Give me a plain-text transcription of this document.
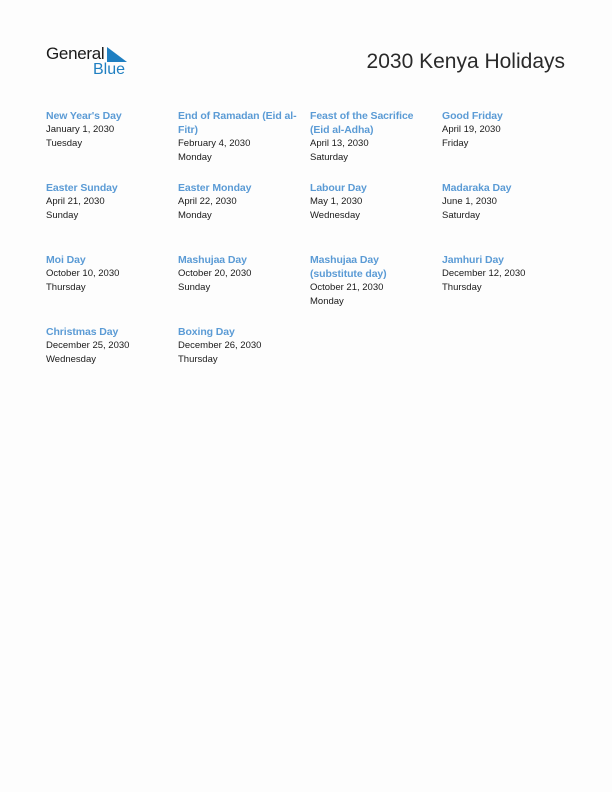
General
Blue	2030 Kenya Holidays
New Year's Day
January 1, 2030
Tuesday
End of Ramadan (Eid al-Fitr)
February 4, 2030
Monday
Feast of the Sacrifice (Eid al-Adha)
April 13, 2030
Saturday
Good Friday
April 19, 2030
Friday
Easter Sunday
April 21, 2030
Sunday
Easter Monday
April 22, 2030
Monday
Labour Day
May 1, 2030
Wednesday
Madaraka Day
June 1, 2030
Saturday
Moi Day
October 10, 2030
Thursday
Mashujaa Day
October 20, 2030
Sunday
Mashujaa Day (substitute day)
October 21, 2030
Monday
Jamhuri Day
December 12, 2030
Thursday
Christmas Day
December 25, 2030
Wednesday
Boxing Day
December 26, 2030
Thursday
